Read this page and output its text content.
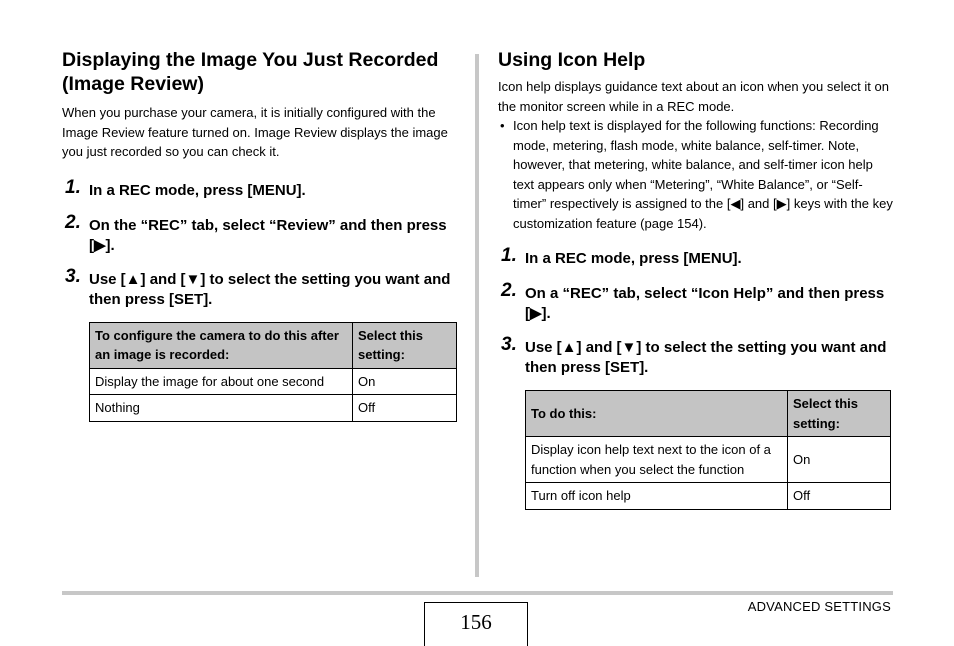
Displaying the Image You Just Recorded (Image Review)

When you purchase your camera, it is initially configured with the Image Review feature turned on. Image Review displays the image you just recorded so you can check it.

1. In a REC mode, press [MENU].
2. On the “REC” tab, select “Review” and then press [▶].
3. Use [▲] and [▼] to select the setting you want and then press [SET].
To configure the camera to do this after an image is recorded:	Select this setting:
Display the image for about one second	On
Nothing	Off
Using Icon Help

Icon help displays guidance text about an icon when you select it on the monitor screen while in a REC mode.

• Icon help text is displayed for the following functions: Recording mode, metering, flash mode, white balance, self-timer. Note, however, that metering, white balance, and self-timer icon help text appears only when “Metering”, “White Balance”, or “Self-timer” respectively is assigned to the [◀] and [▶] keys with the key customization feature (page 154).

1. In a REC mode, press [MENU].
2. On a “REC” tab, select “Icon Help” and then press [▶].
3. Use [▲] and [▼] to select the setting you want and then press [SET].
To do this:	Select this setting:
Display icon help text next to the icon of a function when you select the function	On
Turn off icon help	Off
ADVANCED SETTINGS
156
